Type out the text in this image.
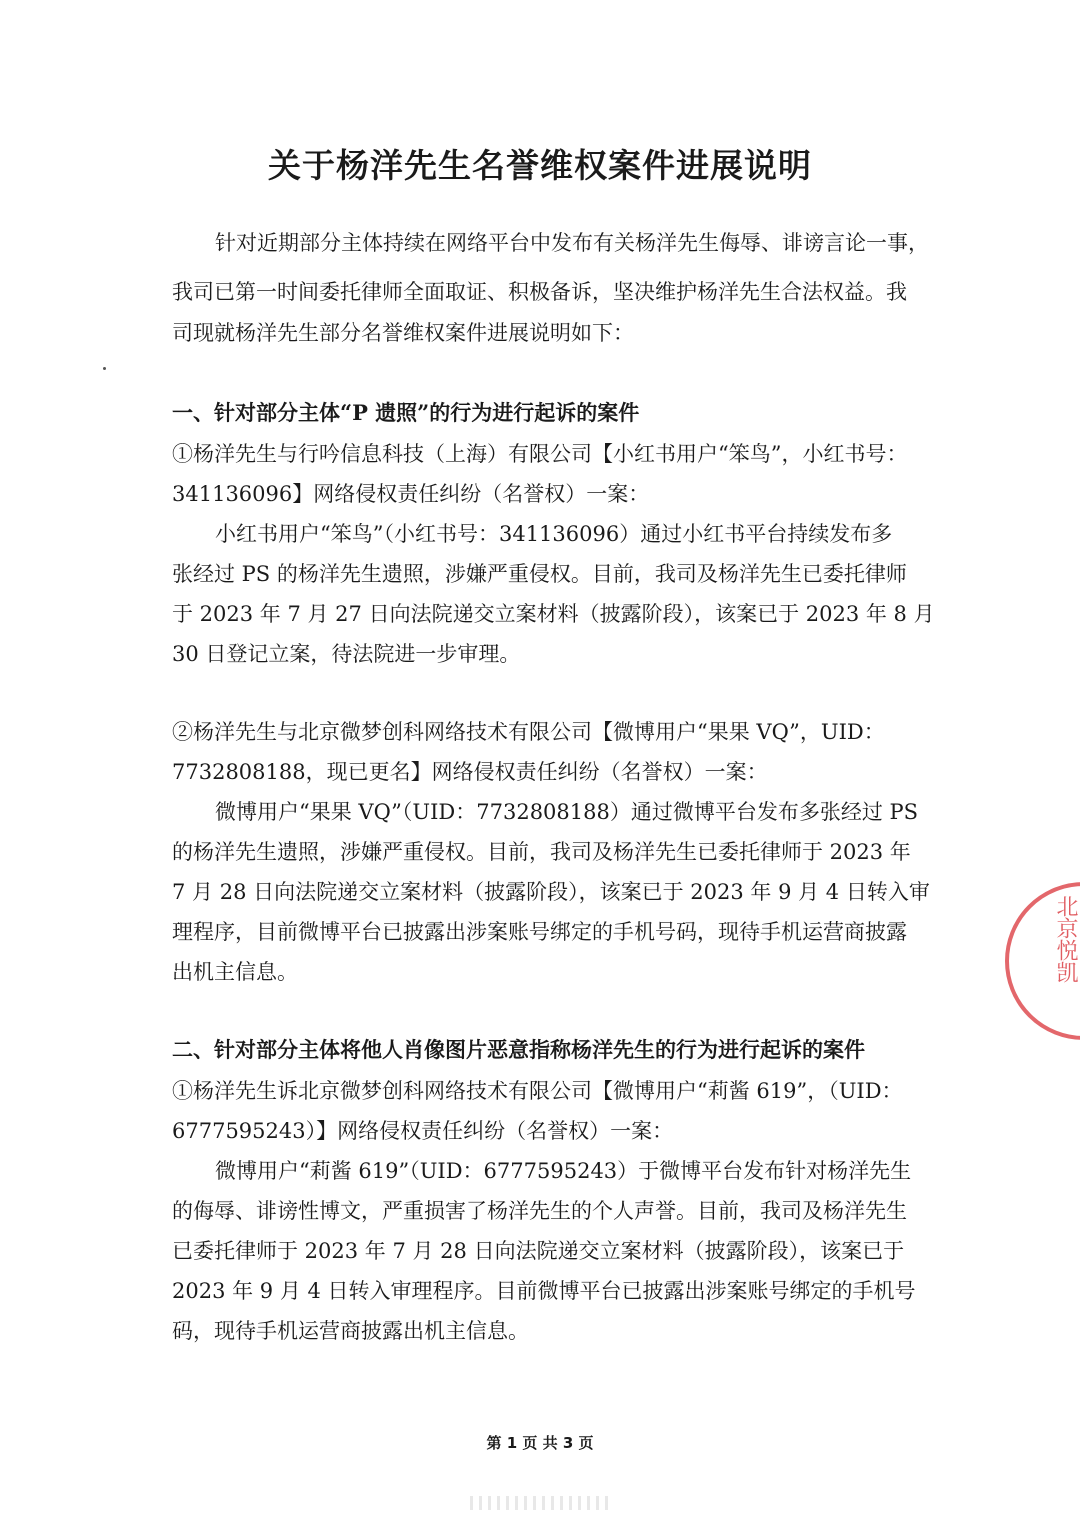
关于杨洋先生名誉维权案件进展说明
针对近期部分主体持续在网络平台中发布有关杨洋先生侮辱、诽谤言论一事，
我司已第一时间委托律师全面取证、积极备诉，坚决维护杨洋先生合法权益。我
司现就杨洋先生部分名誉维权案件进展说明如下：
一、针对部分主体“P 遗照”的行为进行起诉的案件
①杨洋先生与行吟信息科技（上海）有限公司【小红书用户“笨鸟”，小红书号：
341136096】网络侵权责任纠纷（名誉权）一案：
小红书用户“笨鸟”（小红书号：341136096）通过小红书平台持续发布多
张经过 PS 的杨洋先生遗照，涉嫌严重侵权。目前，我司及杨洋先生已委托律师
于 2023 年 7 月 27 日向法院递交立案材料（披露阶段），该案已于 2023 年 8 月
30 日登记立案，待法院进一步审理。
②杨洋先生与北京微梦创科网络技术有限公司【微博用户“果果 VQ”，UID：
7732808188，现已更名】网络侵权责任纠纷（名誉权）一案：
微博用户“果果 VQ”（UID：7732808188）通过微博平台发布多张经过 PS
的杨洋先生遗照，涉嫌严重侵权。目前，我司及杨洋先生已委托律师于 2023 年
7 月 28 日向法院递交立案材料（披露阶段），该案已于 2023 年 9 月 4 日转入审
理程序，目前微博平台已披露出涉案账号绑定的手机号码，现待手机运营商披露
出机主信息。
二、针对部分主体将他人肖像图片恶意指称杨洋先生的行为进行起诉的案件
①杨洋先生诉北京微梦创科网络技术有限公司【微博用户“莉酱 619”，（UID：
6777595243）】网络侵权责任纠纷（名誉权）一案：
微博用户“莉酱 619”（UID：6777595243）于微博平台发布针对杨洋先生
的侮辱、诽谤性博文，严重损害了杨洋先生的个人声誉。目前，我司及杨洋先生
已委托律师于 2023 年 7 月 28 日向法院递交立案材料（披露阶段），该案已于
2023 年 9 月 4 日转入审理程序。目前微博平台已披露出涉案账号绑定的手机号
码，现待手机运营商披露出机主信息。
北京悦凯
第 1 页 共 3 页
